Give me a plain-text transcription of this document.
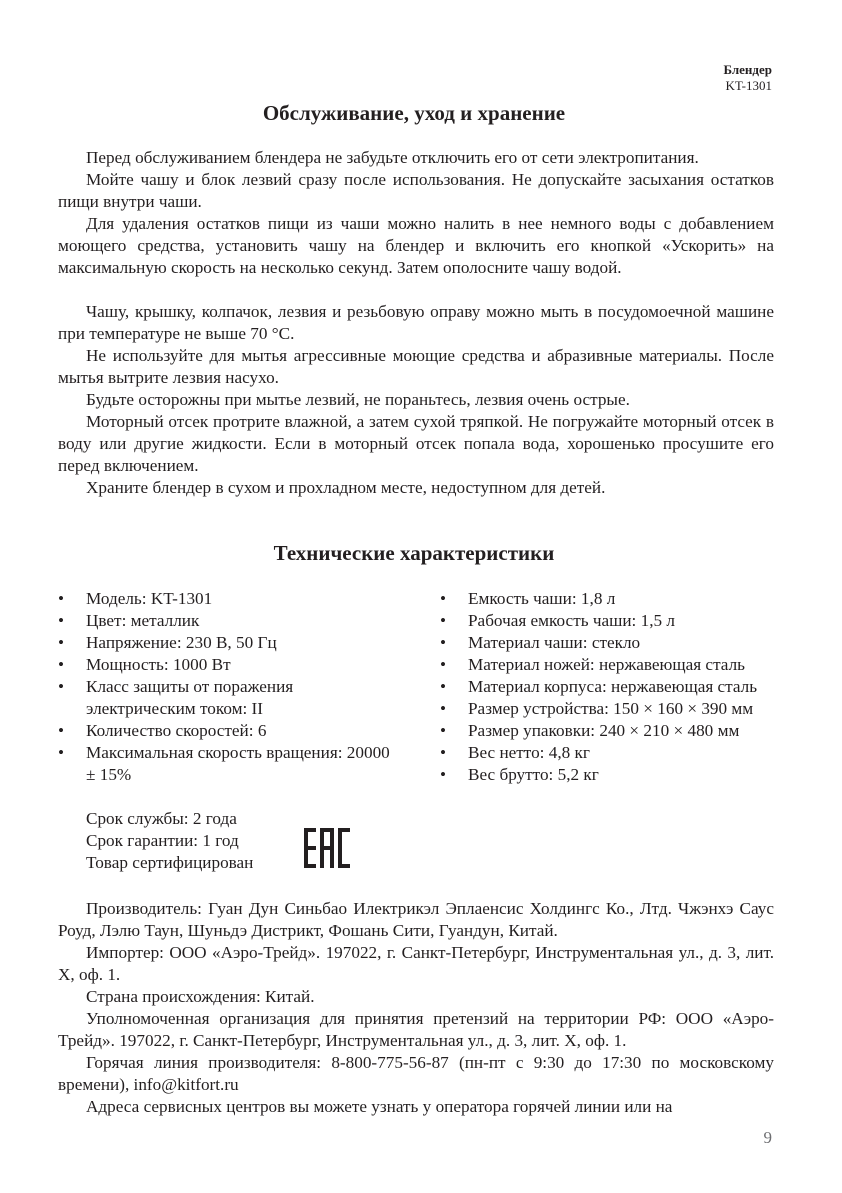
Блендер
KT-1301
Обслуживание, уход и хранение

Перед обслуживанием блендера не забудьте отключить его от сети электропитания.

Мойте чашу и блок лезвий сразу после использования. Не допускайте засыхания остатков пищи внутри чаши.

Для удаления остатков пищи из чаши можно налить в нее немного воды с добавлением моющего средства, установить чашу на блендер и включить его кнопкой «Ускорить» на максимальную скорость на несколько секунд. Затем ополосните чашу водой.

Чашу, крышку, колпачок, лезвия и резьбовую оправу можно мыть в посудомоечной машине при температуре не выше 70 °C.

Не используйте для мытья агрессивные моющие средства и абразивные материалы. После мытья вытрите лезвия насухо.

Будьте осторожны при мытье лезвий, не пораньтесь, лезвия очень острые.

Моторный отсек протрите влажной, а затем сухой тряпкой. Не погружайте моторный отсек в воду или другие жидкости. Если в моторный отсек попала вода, хорошенько просушите его перед включением.

Храните блендер в сухом и прохладном месте, недоступном для детей.

Технические характеристики
• Модель: KT-1301
• Цвет: металлик
• Напряжение: 230 В, 50 Гц
• Мощность: 1000 Вт
• Класс защиты от поражения электрическим током: II
• Количество скоростей: 6
• Максимальная скорость вращения: 20000 ± 15%
• Емкость чаши: 1,8 л
• Рабочая емкость чаши: 1,5 л
• Материал чаши: стекло
• Материал ножей: нержавеющая сталь
• Материал корпуса: нержавеющая сталь
• Размер устройства: 150 × 160 × 390 мм
• Размер упаковки: 240 × 210 × 480 мм
• Вес нетто: 4,8 кг
• Вес брутто: 5,2 кг
Срок службы: 2 года
Срок гарантии: 1 год
Товар сертифицирован

Производитель: Гуан Дун Синьбао Илектрикэл Эплаенсис Холдингс Ко., Лтд. Чжэнхэ Саус Роуд, Лэлю Таун, Шуньдэ Дистрикт, Фошань Сити, Гуандун, Китай.

Импортер: ООО «Аэро-Трейд». 197022, г. Санкт-Петербург, Инструментальная ул., д. 3, лит. Х, оф. 1.

Страна происхождения: Китай.

Уполномоченная организация для принятия претензий на территории РФ: ООО «Аэро-Трейд». 197022, г. Санкт-Петербург, Инструментальная ул., д. 3, лит. Х, оф. 1.

Горячая линия производителя: 8-800-775-56-87 (пн-пт с 9:30 до 17:30 по московскому времени), info@kitfort.ru

Адреса сервисных центров вы можете узнать у оператора горячей линии или на

9
